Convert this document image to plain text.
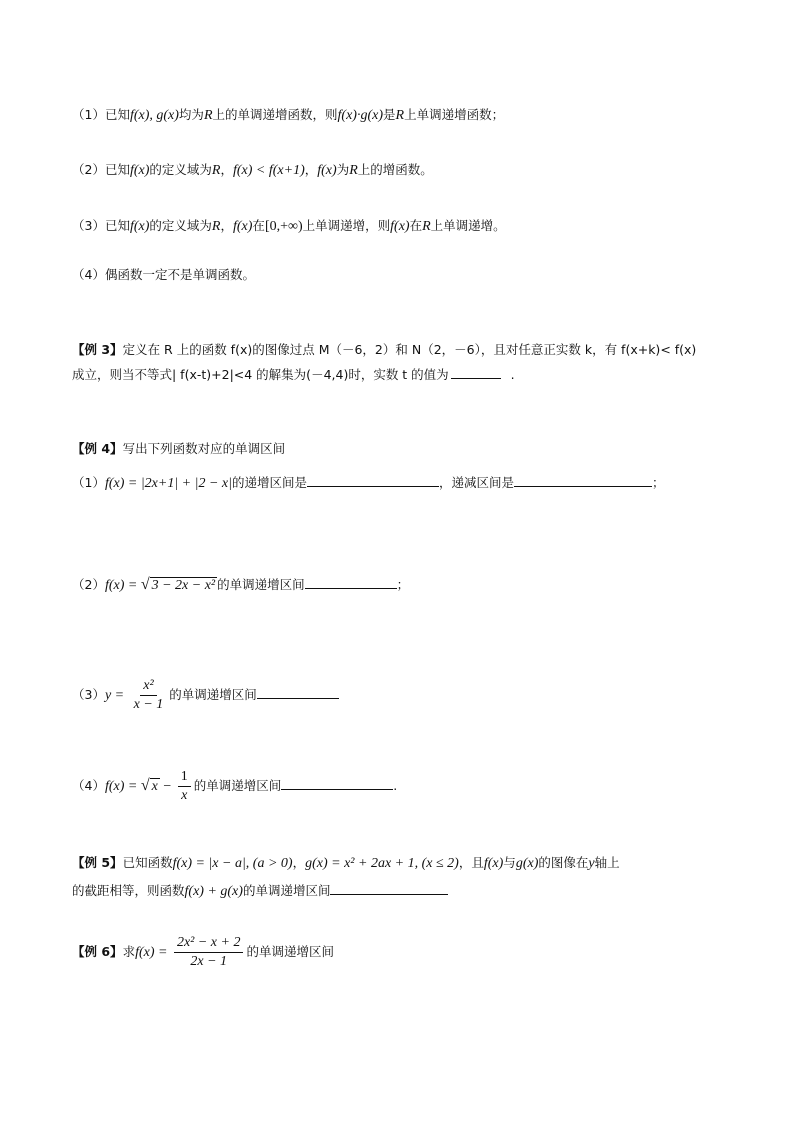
（1）已知f(x), g(x)均为R上的单调递增函数，则f(x)·g(x)是R上单调递增函数；
（2）已知f(x)的定义域为R，f(x) < f(x+1)，f(x)为R上的增函数。
（3）已知f(x)的定义域为R，f(x)在[0,+∞)上单调递增，则f(x)在R上单调递增。
（4）偶函数一定不是单调函数。
【例 3】定义在 R 上的函数 f(x)的图像过点 M（－6，2）和 N（2，－6），且对任意正实数 k，有 f(x+k)< f(x)
成立，则当不等式| f(x-t)+2|<4 的解集为(－4,4)时，实数 t 的值为	.
【例 4】写出下列函数对应的单调区间
（1）f(x) = |2x+1| + |2 − x|的递增区间是	，递减区间是	；
（2）f(x) = √ 3 − 2x − x² 的单调递增区间	；
$(3)y = \frac{\text{x²}}{x - 1}$ 的单调递增区间
（4）f(x) = √ $x - \frac{1}{x}$ 的单调递增区间	.
【例 5】已知函数f(x) = |x − a|, (a > 0)，g(x) = x² + 2ax + 1, (x ≤ 2)，且f(x)与g(x)的图像在y轴上
的截距相等，则函数f(x) + g(x)的单调递增区间
【例 6】求$f(x) = \frac{\text{2x² − x + 2}}{2x - 1}$ 的单调递增区间
